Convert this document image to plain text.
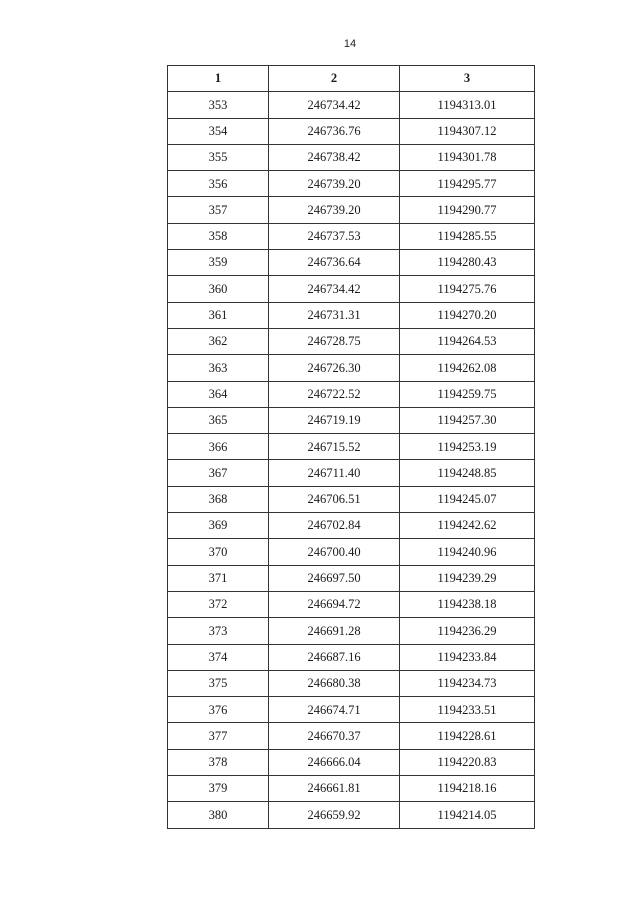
14
1	2	3
353	246734.42	1194313.01
354	246736.76	1194307.12
355	246738.42	1194301.78
356	246739.20	1194295.77
357	246739.20	1194290.77
358	246737.53	1194285.55
359	246736.64	1194280.43
360	246734.42	1194275.76
361	246731.31	1194270.20
362	246728.75	1194264.53
363	246726.30	1194262.08
364	246722.52	1194259.75
365	246719.19	1194257.30
366	246715.52	1194253.19
367	246711.40	1194248.85
368	246706.51	1194245.07
369	246702.84	1194242.62
370	246700.40	1194240.96
371	246697.50	1194239.29
372	246694.72	1194238.18
373	246691.28	1194236.29
374	246687.16	1194233.84
375	246680.38	1194234.73
376	246674.71	1194233.51
377	246670.37	1194228.61
378	246666.04	1194220.83
379	246661.81	1194218.16
380	246659.92	1194214.05
